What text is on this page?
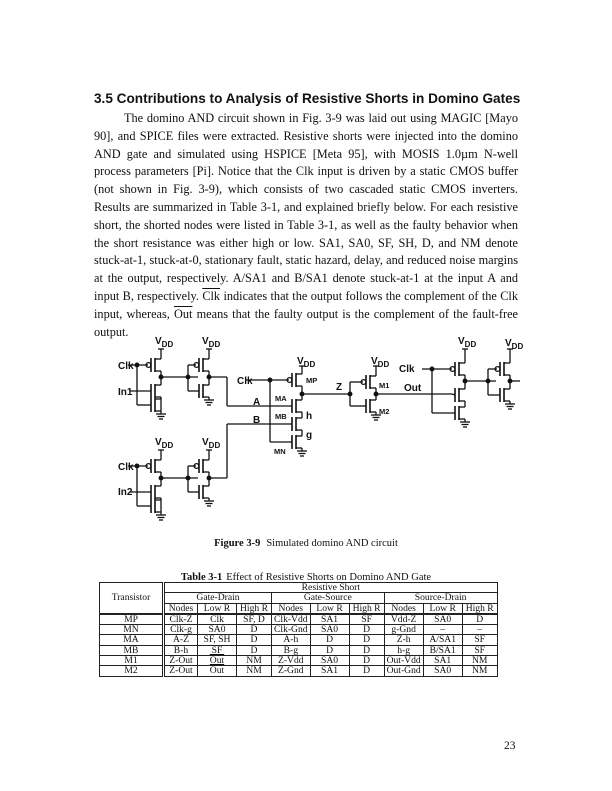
3.5 Contributions to Analysis of Resistive Shorts in Domino Gates

The domino AND circuit shown in Fig. 3-9 was laid out using MAGIC [Mayo 90], and SPICE files were extracted. Resistive shorts were injected into the domino AND gate and simulated using HSPICE [Meta 95], with MOSIS 1.0µm N-well process parameters [Pi]. Notice that the Clk input is driven by a static CMOS buffer (not shown in Fig. 3-9), which consists of two cascaded static CMOS inverters. Results are summarized in Table 3-1, and explained briefly below. For each resistive short, the shorted nodes were listed in Table 3-1, as well as the faulty behavior when the short resistance was either high or low. SA1, SA0, SF, SH, D, and NM denote stuck-at-1, stuck-at-0, stationary fault, static hazard, delay, and reduced noise margins at the output, respectively. A/SA1 and B/SA1 denote stuck-at-1 at the input A and input B, respectively. $\overline{Clk}$ indicates that the output follows the complement of the Clk input, whereas, $\overline{Out}$ means that the faulty output is the complement of the fault-free output.

Clk
In1
Clk
In2
Clk
A
B
Z	Out
Clk
h
g
MP
MA
MB
MN
M1
M2
$V_{DD}$	$V_{DD}$
$V_{DD}$	$V_{DD}$
$V_{DD}$	$V_{DD}$
$V_{DD}$	$V_{DD}$
Figure 3-9 Simulated domino AND circuit
Table 3-1 Effect of Resistive Shorts on Domino AND Gate
Transistor	Resistive Short								
	Gate-Drain			Gate-Source			Source-Drain		
	Nodes	Low R	High R	Nodes	Low R	High R	Nodes	Low R	High R
MP	Clk-Z	$\overline{Clk}$	SF, D	Clk-Vdd	SA1	SF	Vdd-Z	SA0	D
MN	Clk-g	SA0	D	Clk-Gnd	SA0	D	g-Gnd	–	–
MA	A-Z	SF, SH	D	A-h	D	D	Z-h	A/SA1	SF
MB	B-h	SF	D	B-g	D	D	h-g	B/SA1	SF
M1	Z-Out	$\overline{Out}$	NM	Z-Vdd	SA0	D	Out-Vdd	SA1	NM
M2	Z-Out	$\overline{Out}$	NM	Z-Gnd	SA1	D	Out-Gnd	SA0	NM
23
